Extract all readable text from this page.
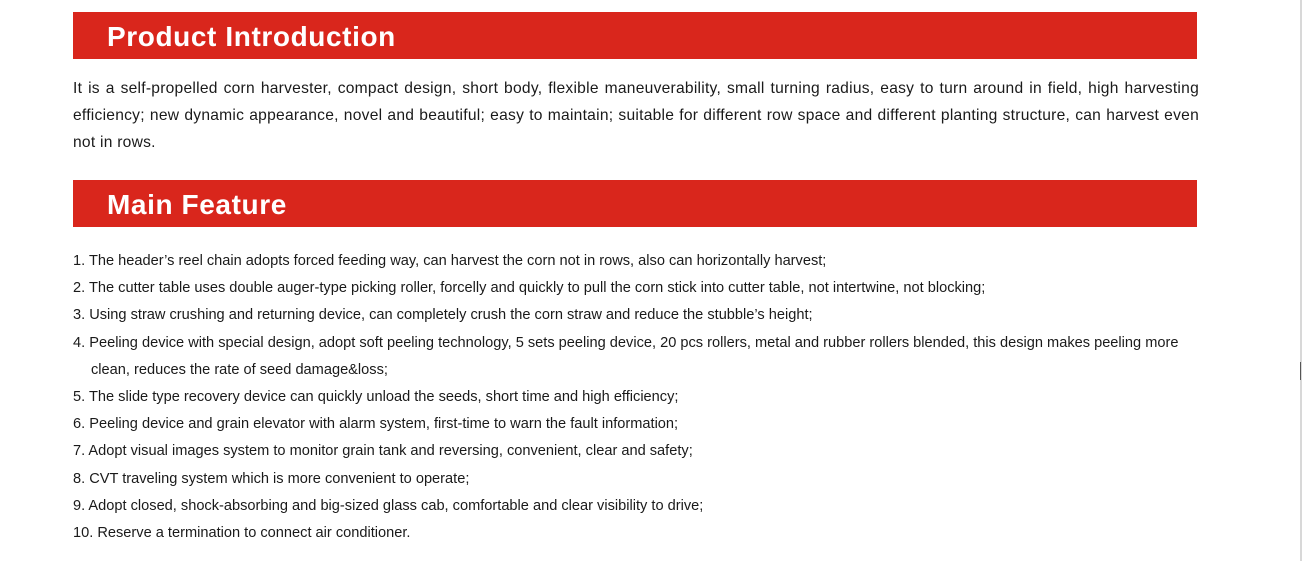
Product Introduction

It is a self-propelled corn harvester, compact design, short body, flexible maneuverability, small turning radius, easy to turn around in field, high harvesting efficiency; new dynamic appearance, novel and beautiful; easy to maintain; suitable for different row space and different planting structure, can harvest even not in rows.

Main Feature
1. The header’s reel chain adopts forced feeding way, can harvest the corn not in rows, also can horizontally harvest;
2. The cutter table uses double auger-type picking roller, forcelly and quickly to pull the corn stick into cutter table, not intertwine, not blocking;
3. Using straw crushing and returning device, can completely crush the corn straw and reduce the stubble’s height;
4. Peeling device with special design, adopt soft peeling technology, 5 sets peeling device, 20 pcs rollers, metal and rubber rollers blended, this design makes peeling more clean, reduces the rate of seed damage&loss;
5. The slide type recovery device can quickly unload the seeds, short time and high efficiency;
6. Peeling device and grain elevator with alarm system, first-time to warn the fault information;
7. Adopt visual images system to monitor grain tank and reversing, convenient, clear and safety;
8. CVT traveling system which is more convenient to operate;
9. Adopt closed, shock-absorbing and big-sized glass cab, comfortable and clear visibility to drive;
10. Reserve a termination to connect air conditioner.
